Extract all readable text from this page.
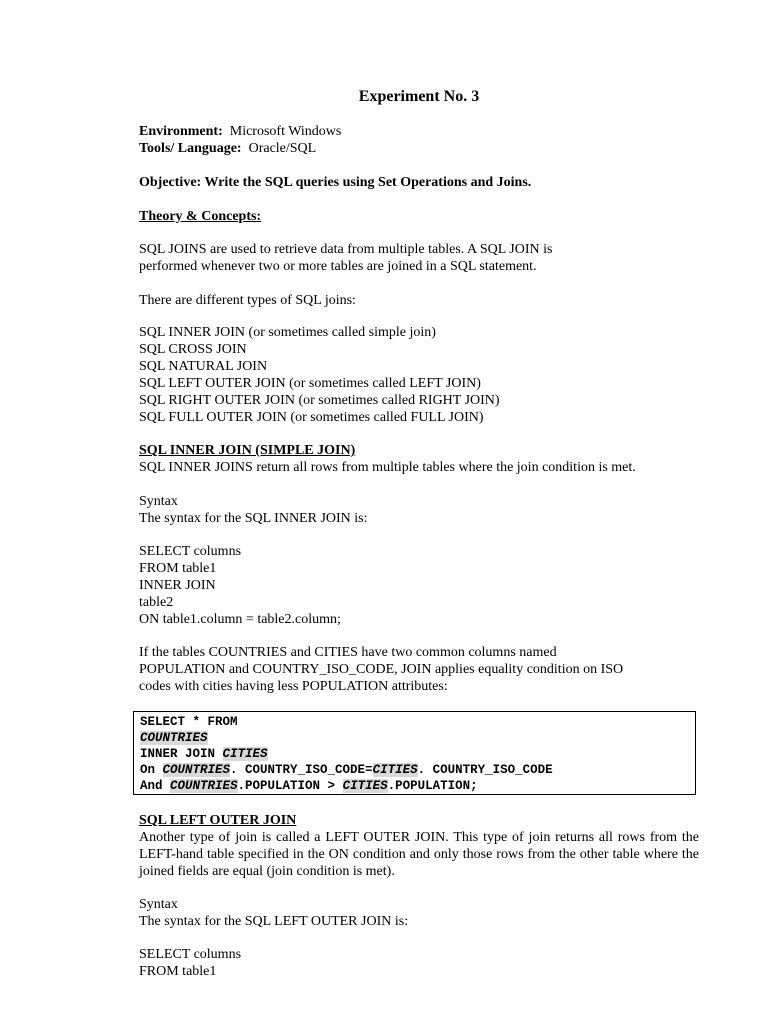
Experiment No. 3
Environment: Microsoft Windows
Tools/ Language: Oracle/SQL
Objective: Write the SQL queries using Set Operations and Joins.
Theory & Concepts:
SQL JOINS are used to retrieve data from multiple tables. A SQL JOIN is
performed whenever two or more tables are joined in a SQL statement.
There are different types of SQL joins:
SQL INNER JOIN (or sometimes called simple join)
SQL CROSS JOIN
SQL NATURAL JOIN
SQL LEFT OUTER JOIN (or sometimes called LEFT JOIN)
SQL RIGHT OUTER JOIN (or sometimes called RIGHT JOIN)
SQL FULL OUTER JOIN (or sometimes called FULL JOIN)
SQL INNER JOIN (SIMPLE JOIN)
SQL INNER JOINS return all rows from multiple tables where the join condition is met.
Syntax
The syntax for the SQL INNER JOIN is:
SELECT columns
FROM table1
INNER JOIN
table2
ON table1.column = table2.column;
If the tables COUNTRIES and CITIES have two common columns named
POPULATION and COUNTRY_ISO_CODE, JOIN applies equality condition on ISO
codes with cities having less POPULATION attributes:
SELECT * FROM
COUNTRIES
INNER JOIN CITIES
On COUNTRIES. COUNTRY_ISO_CODE=CITIES. COUNTRY_ISO_CODE
And COUNTRIES.POPULATION > CITIES.POPULATION;
SQL LEFT OUTER JOIN
Another type of join is called a LEFT OUTER JOIN. This type of join returns all rows from the LEFT-hand table specified in the ON condition and only those rows from the other table where the joined fields are equal (join condition is met).
Syntax
The syntax for the SQL LEFT OUTER JOIN is:
SELECT columns
FROM table1
